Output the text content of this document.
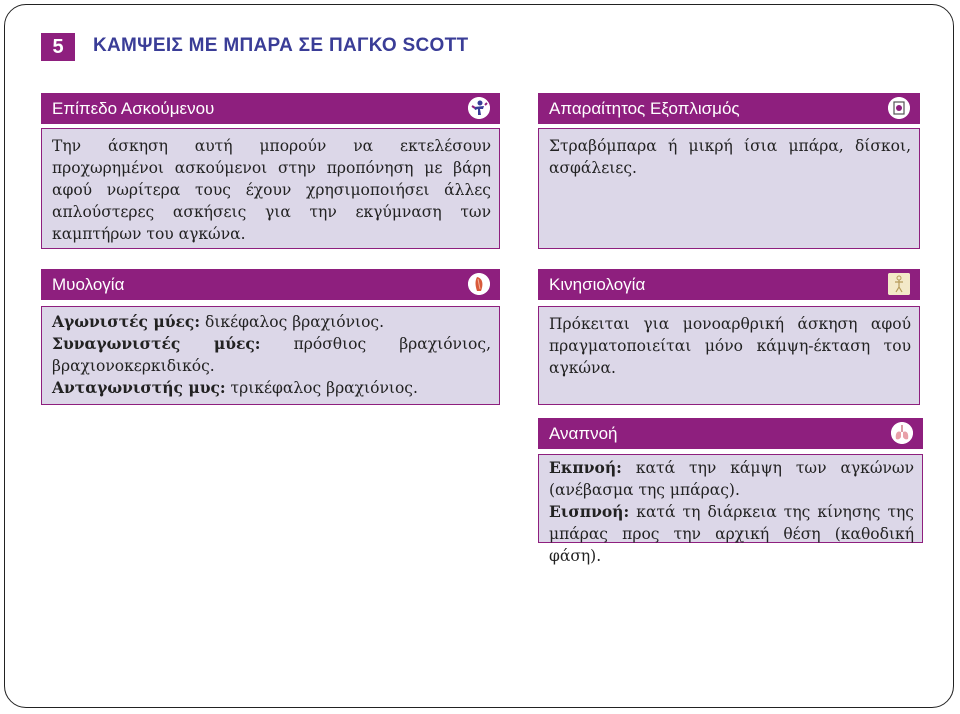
5	ΚΑΜΨΕΙΣ ΜΕ ΜΠΑΡΑ ΣΕ ΠΑΓΚΟ SCOTT
Επίπεδο Ασκούμενου

Την άσκηση αυτή μπορούν να εκτελέσουν προχωρημένοι ασκούμενοι στην προπόνηση με βάρη αφού νωρίτερα τους έχουν χρησιμοποιήσει άλλες απλούστερες ασκήσεις για την εκγύμναση των καμπτήρων του αγκώνα.

Απαραίτητος Εξοπλισμός

Στραβόμπαρα ή μικρή ίσια μπάρα, δίσκοι, ασφάλειες.

Μυολογία

Αγωνιστές μύες: δικέφαλος βραχιόνιος.

Συναγωνιστές μύες: πρόσθιος βραχιόνιος, βραχιονοκερκιδικός.

Ανταγωνιστής μυς: τρικέφαλος βραχιόνιος.

Κινησιολογία

Πρόκειται για μονοαρθρική άσκηση αφού πραγματοποιείται μόνο κάμψη-έκταση του αγκώνα.

Αναπνοή

Εκπνοή: κατά την κάμψη των αγκώνων (ανέβασμα της μπάρας).

Εισπνοή: κατά τη διάρκεια της κίνησης της μπάρας προς την αρχική θέση (καθοδική φάση).
